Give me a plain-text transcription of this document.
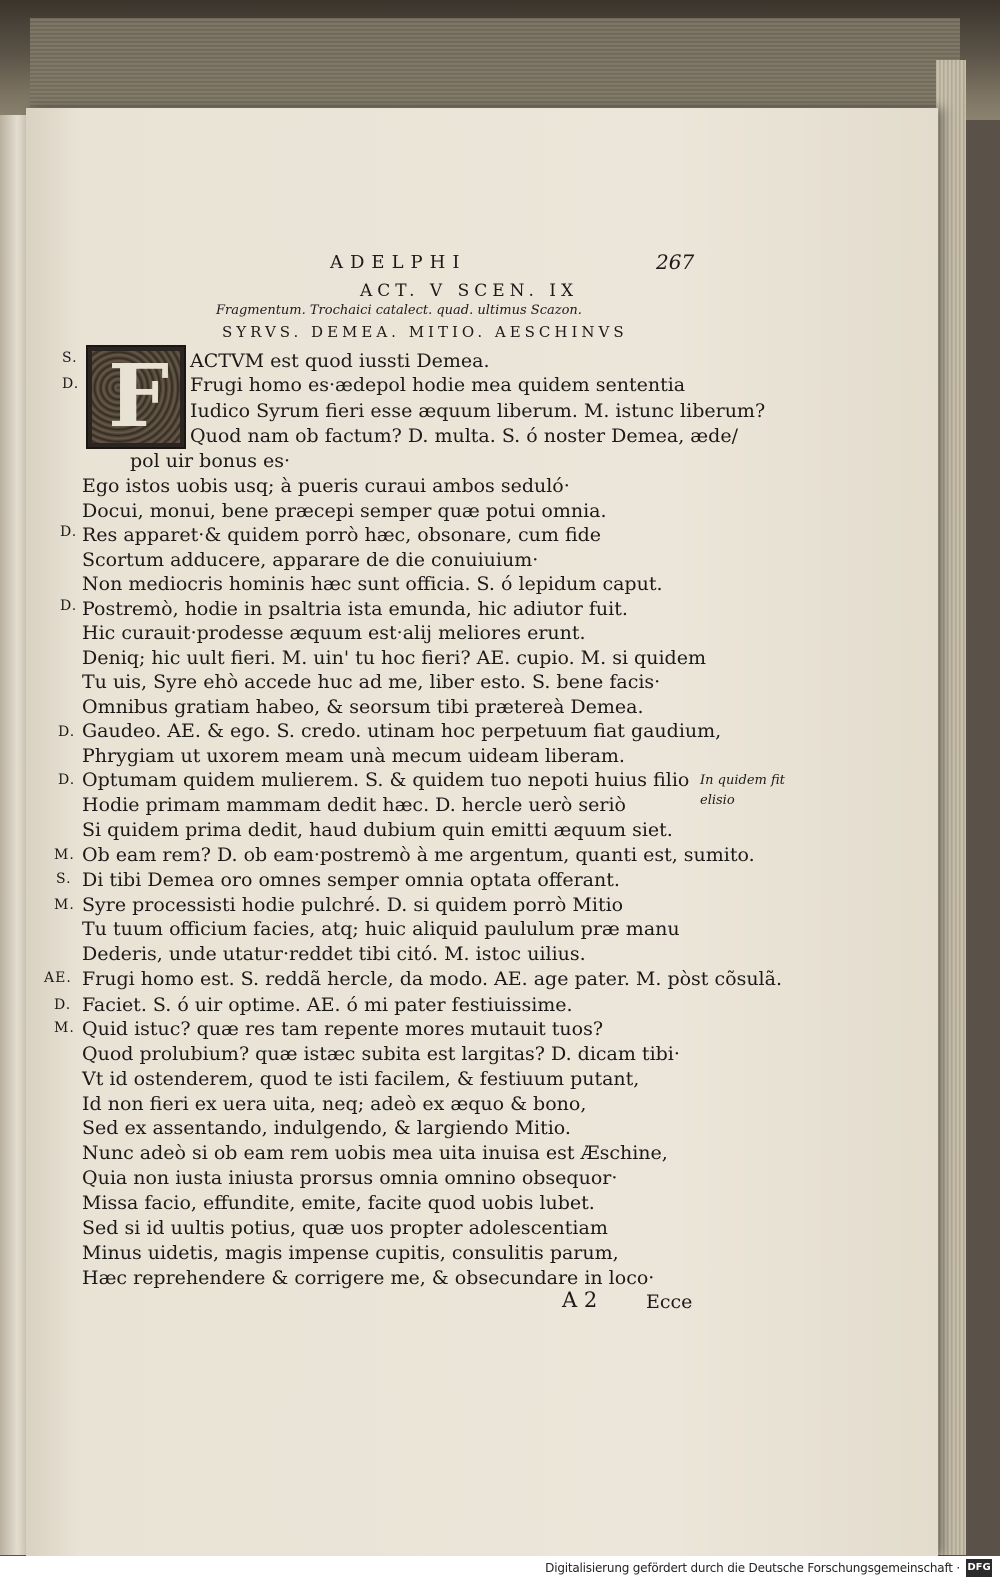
ADELPHI	267
ACT. V SCEN. IX
Fragmentum. Trochaici catalect. quad. ultimus Scazon.
SYRVS. DEMEA. MITIO. AESCHINVS
F
S.
D.
D.
D.
D.
D.
M.
S.
M.
AE.
D.
M.
ACTVM est quod iussti Demea.
Frugi homo es·ædepol hodie mea quidem sententia
Iudico Syrum fieri esse æquum liberum. M. istunc liberum?
Quod nam ob factum? D. multa. S. ó noster Demea, æde/
pol uir bonus es·
Ego istos uobis usq; à pueris curaui ambos seduló·
Docui, monui, bene præcepi semper quæ potui omnia.
Res apparet·& quidem porrò hæc, obsonare, cum fide
Scortum adducere, apparare de die conuiuium·
Non mediocris hominis hæc sunt officia. S. ó lepidum caput.
Postremò, hodie in psaltria ista emunda, hic adiutor fuit.
Hic curauit·prodesse æquum est·alij meliores erunt.
Deniq; hic uult fieri. M. uin' tu hoc fieri? AE. cupio. M. si quidem
Tu uis, Syre ehò accede huc ad me, liber esto. S. bene facis·
Omnibus gratiam habeo, & seorsum tibi prætereà Demea.
Gaudeo. AE. & ego. S. credo. utinam hoc perpetuum fiat gaudium,
Phrygiam ut uxorem meam unà mecum uideam liberam.
Optumam quidem mulierem. S. & quidem tuo nepoti huius filio
Hodie primam mammam dedit hæc. D. hercle uerò seriò
Si quidem prima dedit, haud dubium quin emitti æquum siet.
Ob eam rem? D. ob eam·postremò à me argentum, quanti est, sumito.
Di tibi Demea oro omnes semper omnia optata offerant.
Syre processisti hodie pulchré. D. si quidem porrò Mitio
Tu tuum officium facies, atq; huic aliquid paululum præ manu
Dederis, unde utatur·reddet tibi citó. M. istoc uilius.
Frugi homo est. S. reddã hercle, da modo. AE. age pater. M. pòst cõsulã.
Faciet. S. ó uir optime. AE. ó mi pater festiuissime.
Quid istuc? quæ res tam repente mores mutauit tuos?
Quod prolubium? quæ istæc subita est largitas? D. dicam tibi·
Vt id ostenderem, quod te isti facilem, & festiuum putant,
Id non fieri ex uera uita, neq; adeò ex æquo & bono,
Sed ex assentando, indulgendo, & largiendo Mitio.
Nunc adeò si ob eam rem uobis mea uita inuisa est Æschine,
Quia non iusta iniusta prorsus omnia omnino obsequor·
Missa facio, effundite, emite, facite quod uobis lubet.
Sed si id uultis potius, quæ uos propter adolescentiam
Minus uidetis, magis impense cupitis, consulitis parum,
Hæc reprehendere & corrigere me, & obsecundare in loco·
In quidem fit
elisio
A 2	Ecce
Digitalisierung gefördert durch die Deutsche Forschungsgemeinschaft · DFG
